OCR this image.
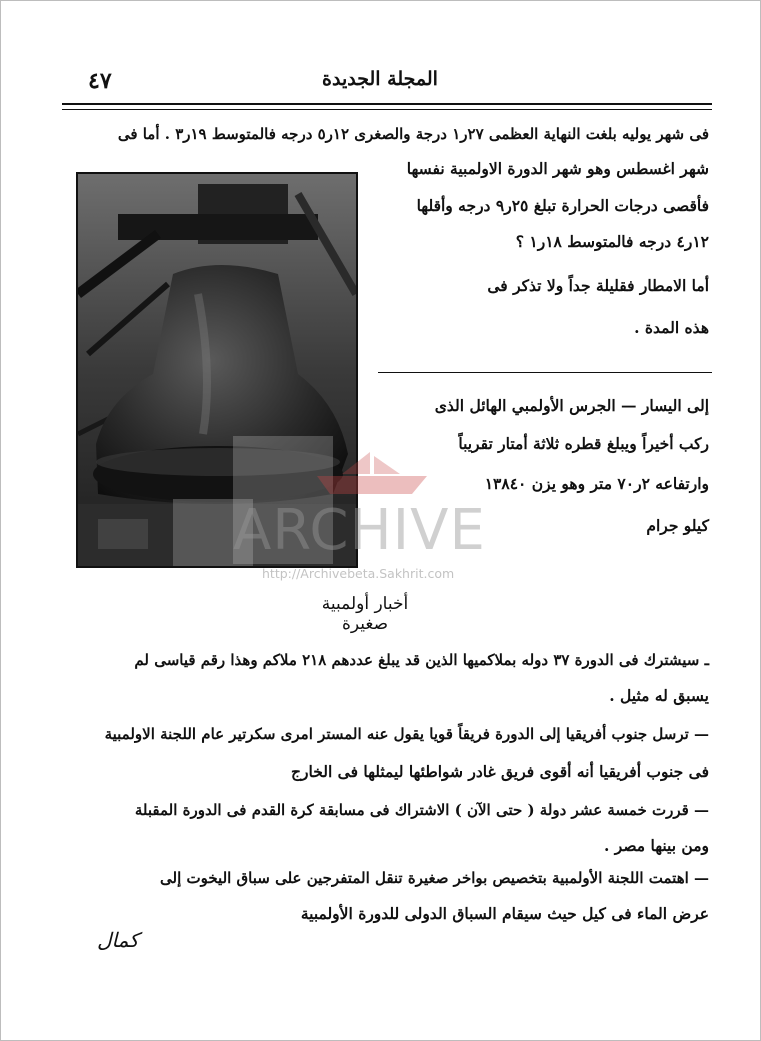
٤٧	المجلة الجديدة
فى شهر يوليه بلغت النهاية العظمى ٢٧ر١ درجة والصغرى ١٢ر٥ درجه فالمتوسط ١٩ر٣ . أما فى
شهر اغسطس وهو شهر الدورة الاولمبية نفسها
فأقصى درجات الحرارة تبلغ ٢٥ر٩ درجه وأقلها
١٢ر٤ درجه فالمتوسط ١٨ر١ ؟
أما الامطار فقليلة جداً ولا تذكر فى
هذه المدة .
إلى اليسار — الجرس الأولمبي الهائل الذى
ركب أخيراً ويبلغ قطره ثلاثة أمتار تقريباً
وارتفاعه ٢ر٧٠ متر وهو يزن ١٣٨٤٠
كيلو جرام
ARCHIVE
http://Archivebeta.Sakhrit.com
أخبار أولمبية صغيرة
ـ سيشترك فى الدورة ٣٧ دوله بملاكميها الذين قد يبلغ عددهم ٢١٨ ملاكم وهذا رقم قياسى لم
يسبق له مثيل .
— ترسل جنوب أفريقيا إلى الدورة فريقاً قويا يقول عنه المستر امرى سكرتير عام اللجنة الاولمبية
فى جنوب أفريقيا أنه أقوى فريق غادر شواطئها ليمثلها فى الخارج
— قررت خمسة عشر دولة ( حتى الآن ) الاشتراك فى مسابقة كرة القدم فى الدورة المقبلة
ومن بينها مصر .
— اهتمت اللجنة الأولمبية بتخصيص بواخر صغيرة تنقل المتفرجين على سباق اليخوت إلى
عرض الماء فى كيل حيث سيقام السباق الدولى للدورة الأولمبية
كمال
